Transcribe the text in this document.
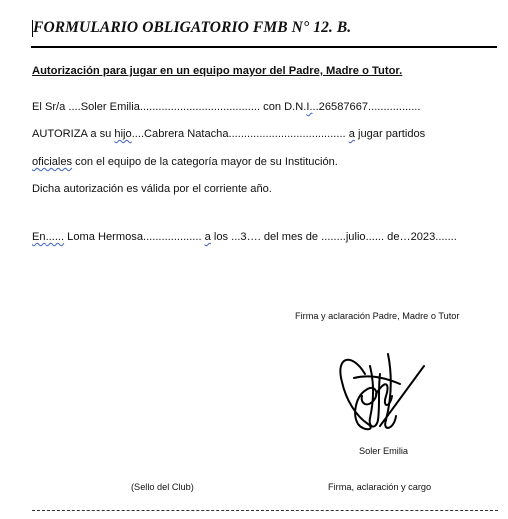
FORMULARIO OBLIGATORIO FMB N° 12. B.
Autorización para jugar en un equipo mayor del Padre, Madre o Tutor.
El Sr/a ....Soler Emilia....................................... con D.N.I...26587667.................
AUTORIZA a su hijo....Cabrera Natacha...................................... a jugar partidos
oficiales con el equipo de la categoría mayor de su Institución.
Dicha autorización es válida por el corriente año.
En...... Loma Hermosa................... a los ...3…. del mes de ........julio...... de…2023.......
Firma y aclaración Padre, Madre o Tutor
Soler Emilia
(Sello del Club)	Firma, aclaración y cargo
